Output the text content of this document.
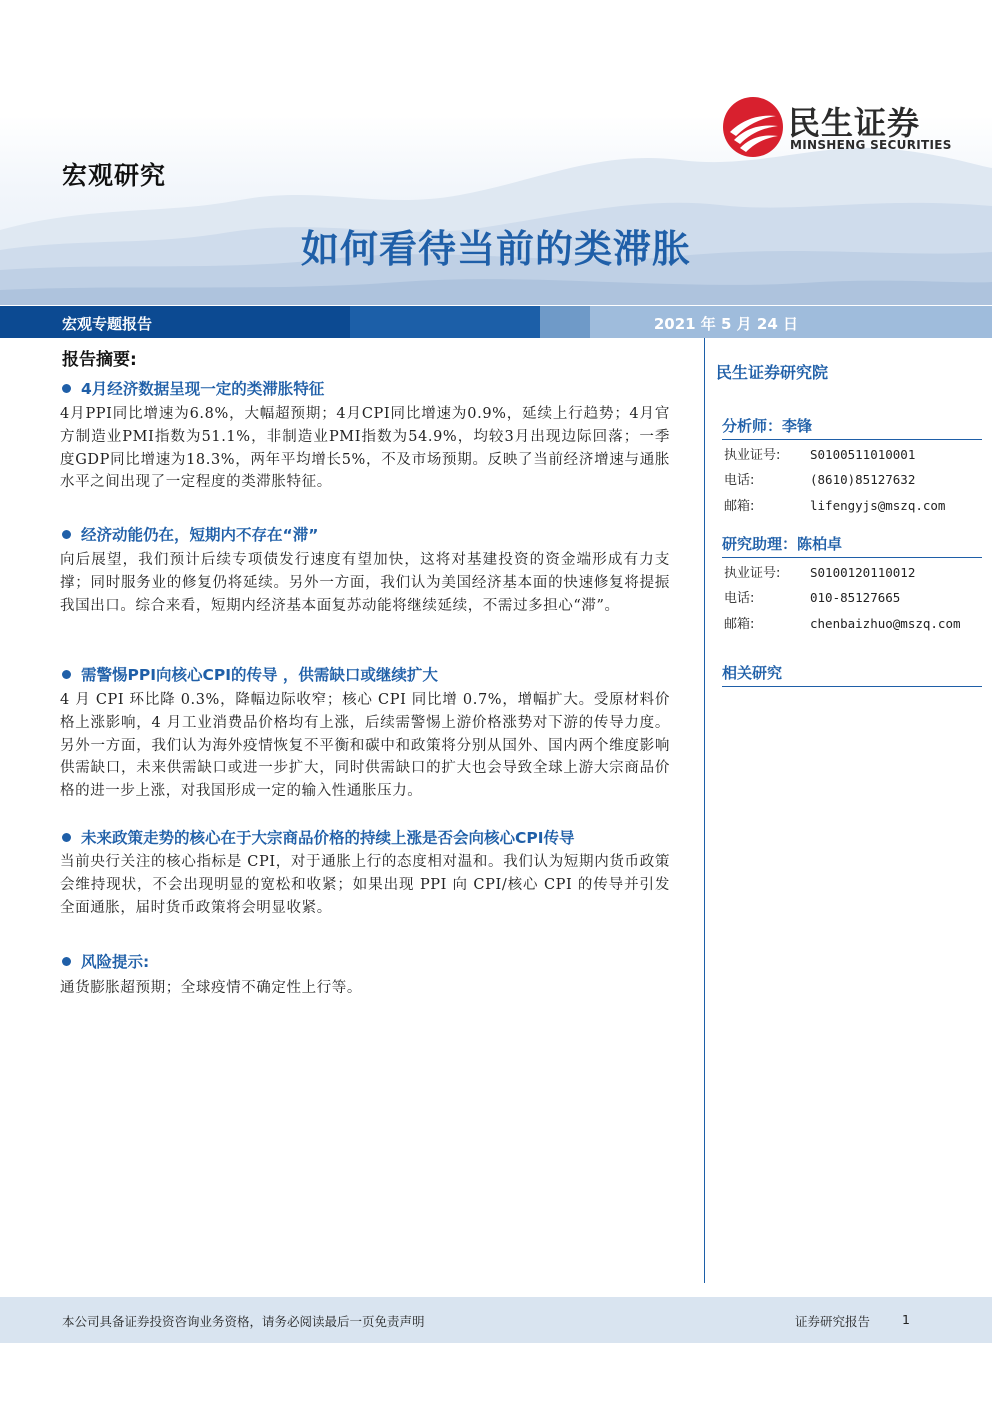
民生证券
MINSHENG SECURITIES
宏观研究
如何看待当前的类滞胀
宏观专题报告	2021 年 5 月 24 日
报告摘要:
4月经济数据呈现一定的类滞胀特征
4月PPI同比增速为6.8%，大幅超预期；4月CPI同比增速为0.9%，延续上行趋势；4月官方制造业PMI指数为51.1%，非制造业PMI指数为54.9%，均较3月出现边际回落；一季度GDP同比增速为18.3%，两年平均增长5%，不及市场预期。反映了当前经济增速与通胀水平之间出现了一定程度的类滞胀特征。
经济动能仍在，短期内不存在“滞”
向后展望，我们预计后续专项债发行速度有望加快，这将对基建投资的资金端形成有力支撑；同时服务业的修复仍将延续。另外一方面，我们认为美国经济基本面的快速修复将提振我国出口。综合来看，短期内经济基本面复苏动能将继续延续，不需过多担心“滞”。
需警惕PPI向核心CPI的传导 ，供需缺口或继续扩大
4 月 CPI 环比降 0.3%，降幅边际收窄；核心 CPI 同比增 0.7%，增幅扩大。受原材料价格上涨影响，4 月工业消费品价格均有上涨，后续需警惕上游价格涨势对下游的传导力度。另外一方面，我们认为海外疫情恢复不平衡和碳中和政策将分别从国外、国内两个维度影响供需缺口，未来供需缺口或进一步扩大，同时供需缺口的扩大也会导致全球上游大宗商品价格的进一步上涨，对我国形成一定的输入性通胀压力。
未来政策走势的核心在于大宗商品价格的持续上涨是否会向核心CPI传导
当前央行关注的核心指标是 CPI，对于通胀上行的态度相对温和。我们认为短期内货币政策会维持现状，不会出现明显的宽松和收紧；如果出现 PPI 向 CPI/核心 CPI 的传导并引发全面通胀，届时货币政策将会明显收紧。
风险提示:
通货膨胀超预期；全球疫情不确定性上行等。
民生证券研究院
分析师：李锋
执业证号: S0100511010001
电话:	(8610)85127632
邮箱:	lifengyjs@mszq.com
研究助理：陈柏卓
执业证号: S0100120110012
电话:	010-85127665
邮箱:	chenbaizhuo@mszq.com
相关研究
本公司具备证券投资咨询业务资格，请务必阅读最后一页免责声明	证券研究报告	1
